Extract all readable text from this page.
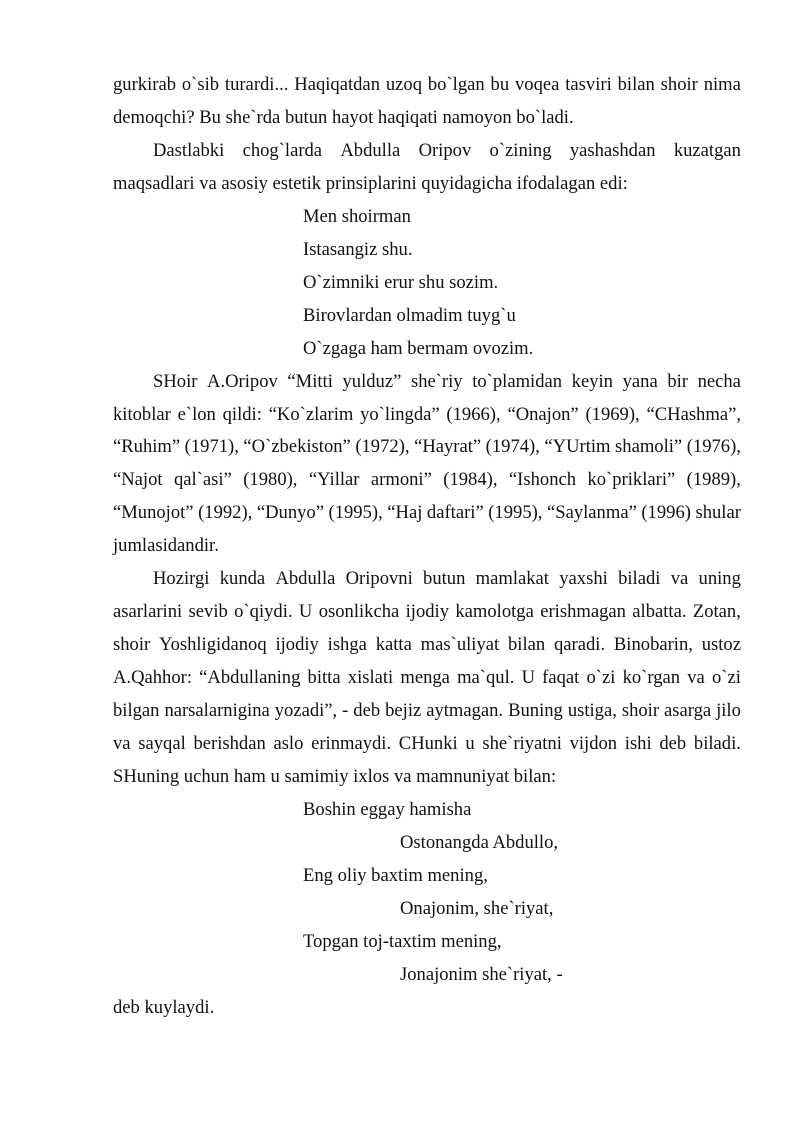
gurkirab o`sib turardi... Haqiqatdan uzoq bo`lgan bu voqea tasviri bilan shoir nima
demoqchi? Bu she`rda butun hayot haqiqati namoyon bo`ladi.
Dastlabki chog`larda Abdulla Oripov o`zining yashashdan kuzatgan
maqsadlari va asosiy estetik prinsiplarini quyidagicha ifodalagan edi:
Men shoirman
Istasangiz shu.
O`zimniki erur shu sozim.
Birovlardan olmadim tuyg`u
O`zgaga ham bermam ovozim.
SHoir A.Oripov “Mitti yulduz” she`riy to`plamidan keyin yana bir necha
kitoblar e`lon qildi: “Ko`zlarim yo`lingda” (1966), “Onajon” (1969), “CHashma”,
“Ruhim” (1971), “O`zbekiston” (1972), “Hayrat” (1974), “YUrtim shamoli” (1976),
“Najot qal`asi” (1980), “Yillar armoni” (1984), “Ishonch ko`priklari” (1989),
“Munojot” (1992), “Dunyo” (1995), “Haj daftari” (1995), “Saylanma” (1996) shular
jumlasidandir.
Hozirgi kunda Abdulla Oripovni butun mamlakat yaxshi biladi va uning
asarlarini sevib o`qiydi. U osonlikcha ijodiy kamolotga erishmagan albatta. Zotan,
shoir Yoshligidanoq ijodiy ishga katta mas`uliyat bilan qaradi. Binobarin, ustoz
A.Qahhor: “Abdullaning bitta xislati menga ma`qul. U faqat o`zi ko`rgan va o`zi
bilgan narsalarnigina yozadi”, - deb bejiz aytmagan. Buning ustiga, shoir asarga jilo
va sayqal berishdan aslo erinmaydi. CHunki u she`riyatni vijdon ishi deb biladi.
SHuning uchun ham u samimiy ixlos va mamnuniyat bilan:
Boshin eggay hamisha
Ostonangda Abdullo,
Eng oliy baxtim mening,
Onajonim, she`riyat,
Topgan toj-taxtim mening,
Jonajonim she`riyat, -
deb kuylaydi.
